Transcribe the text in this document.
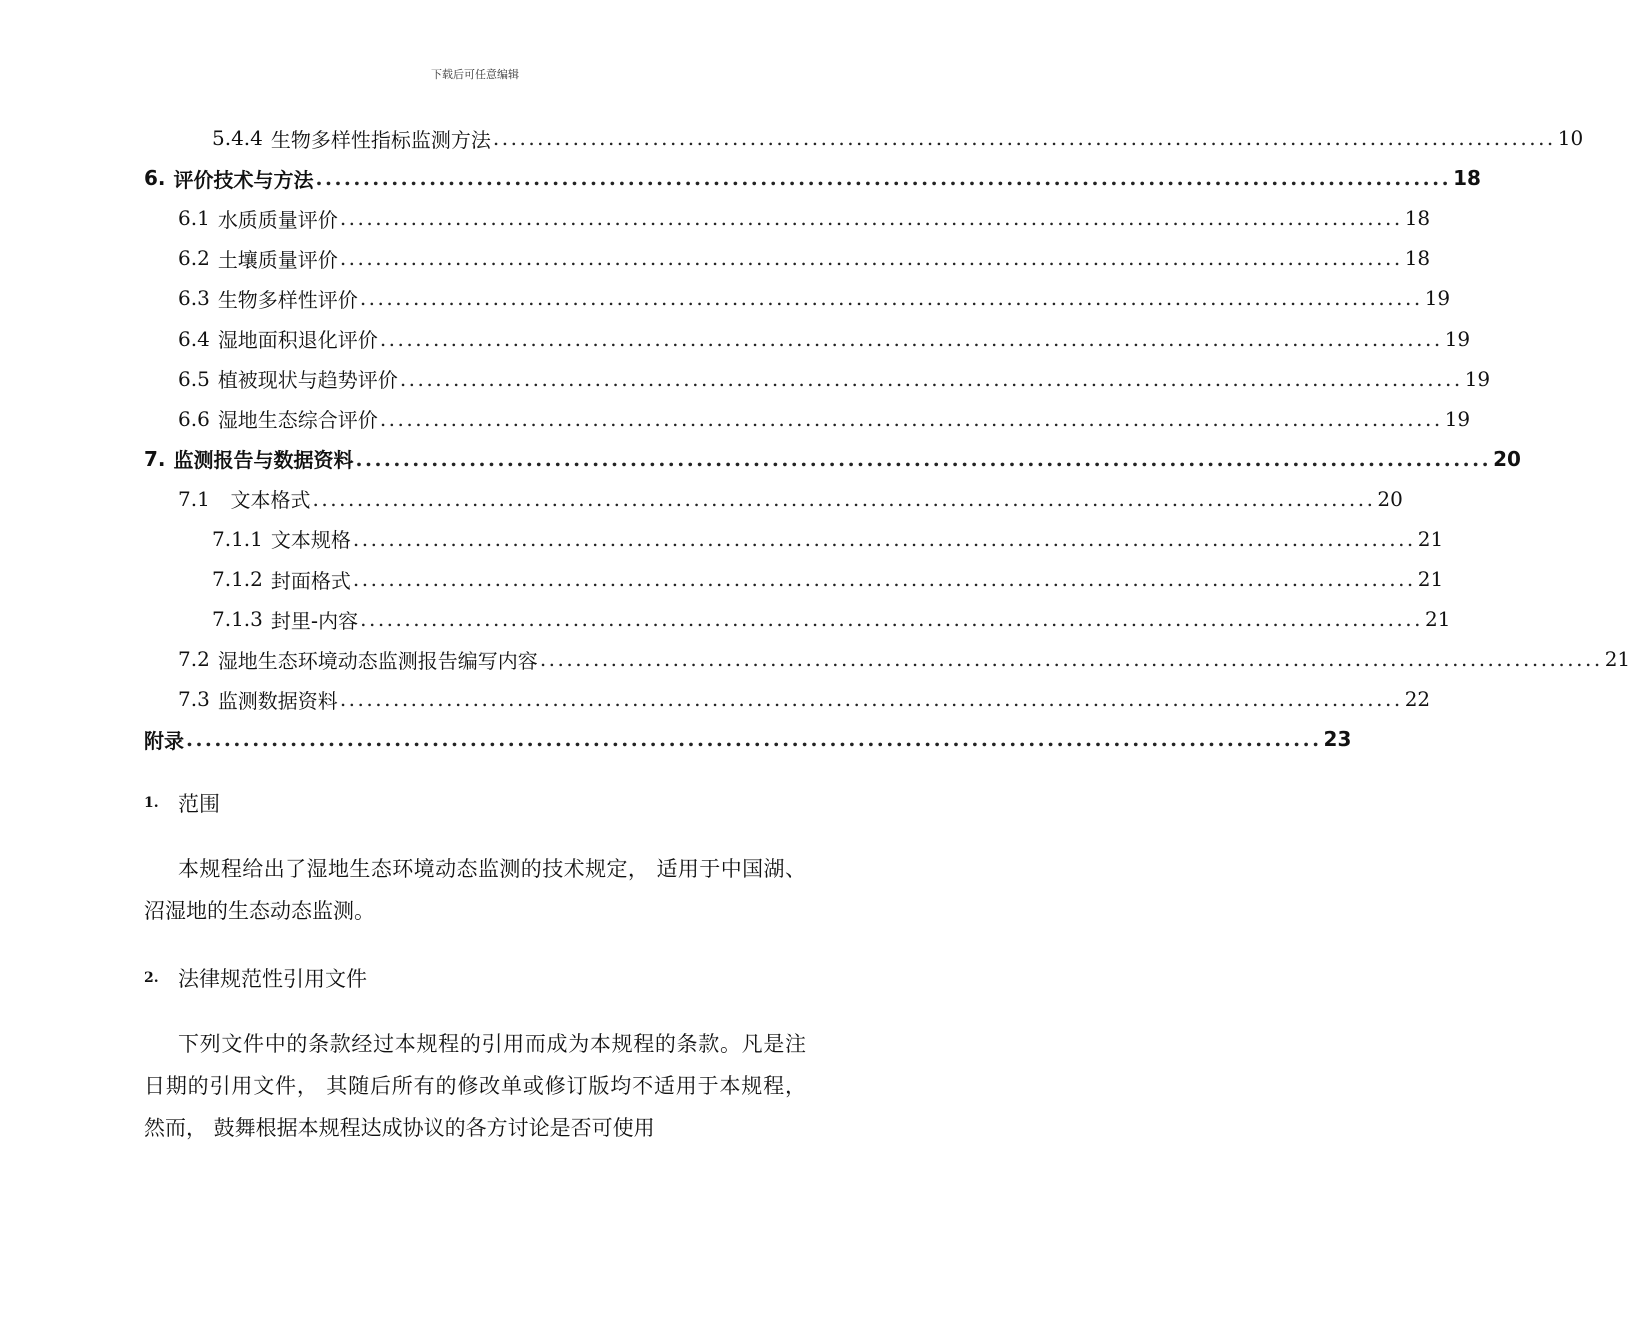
下载后可任意编辑
5.4.4 生物多样性指标监测方法 ........................................................................................................................ 10
6. 评价技术与方法 ........................................................................................................................ 18
6.1 水质质量评价 ........................................................................................................................ 18
6.2 土壤质量评价 ........................................................................................................................ 18
6.3 生物多样性评价 ........................................................................................................................ 19
6.4 湿地面积退化评价 ........................................................................................................................ 19
6.5 植被现状与趋势评价 ........................................................................................................................ 19
6.6 湿地生态综合评价 ........................................................................................................................ 19
7. 监测报告与数据资料 ........................................................................................................................ 20
7.1 文本格式 ........................................................................................................................ 20
7.1.1 文本规格 ........................................................................................................................ 21
7.1.2 封面格式 ........................................................................................................................ 21
7.1.3 封里-内容 ........................................................................................................................ 21
7.2 湿地生态环境动态监测报告编写内容 ........................................................................................................................ 21
7.3 监测数据资料 ........................................................................................................................ 22
附录 ........................................................................................................................ 23
1. 范围

本规程给出了湿地生态环境动态监测的技术规定， 适用于中国湖、 沼湿地的生态动态监测。

2. 法律规范性引用文件

下列文件中的条款经过本规程的引用而成为本规程的条款。凡是注日期的引用文件， 其随后所有的修改单或修订版均不适用于本规程， 然而， 鼓舞根据本规程达成协议的各方讨论是否可使用
